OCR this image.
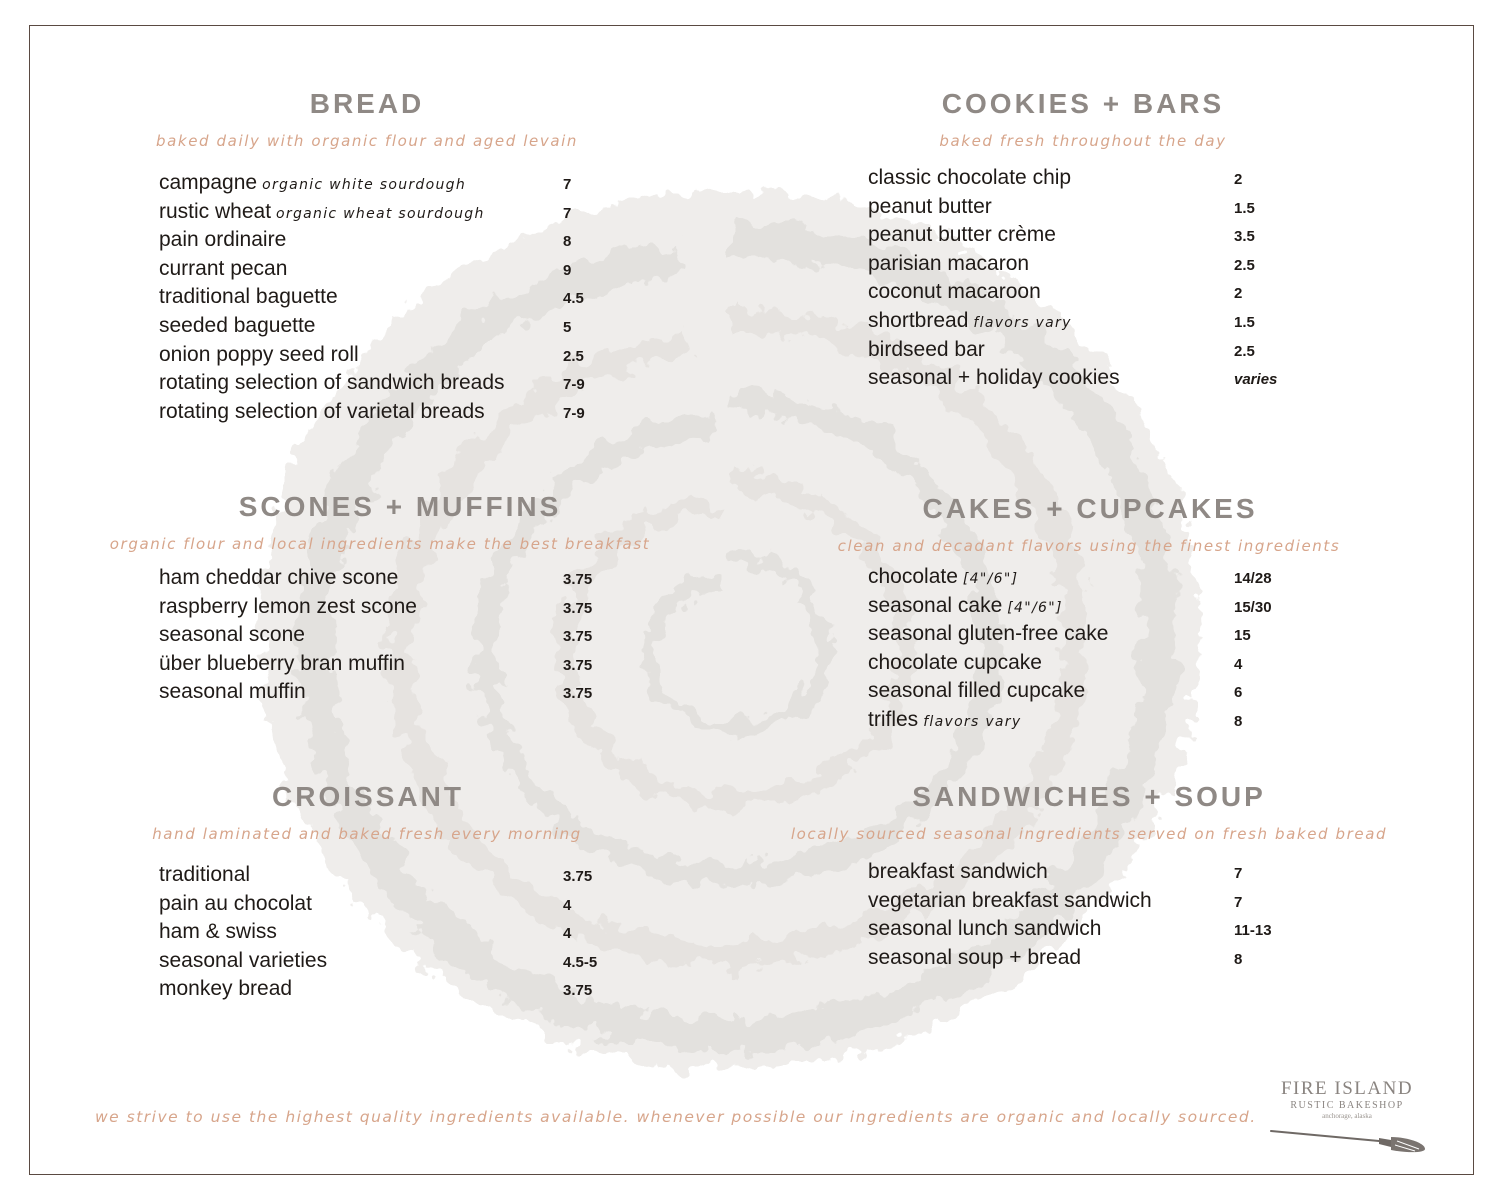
BREAD
baked daily with organic flour and aged levain
campagne organic white sourdough	7
rustic wheat organic wheat sourdough	7
pain ordinaire	8
currant pecan	9
traditional baguette	4.5
seeded baguette	5
onion poppy seed roll	2.5
rotating selection of sandwich breads	7-9
rotating selection of varietal breads	7-9
COOKIES + BARS
baked fresh throughout the day
classic chocolate chip	2
peanut butter	1.5
peanut butter crème	3.5
parisian macaron	2.5
coconut macaroon	2
shortbread flavors vary	1.5
birdseed bar	2.5
seasonal + holiday cookies	varies
SCONES + MUFFINS
organic flour and local ingredients make the best breakfast
ham cheddar chive scone	3.75
raspberry lemon zest scone	3.75
seasonal scone	3.75
über blueberry bran muffin	3.75
seasonal muffin	3.75
CAKES + CUPCAKES
clean and decadant flavors using the finest ingredients
chocolate [4"/6"]	14/28
seasonal cake [4"/6"]	15/30
seasonal gluten-free cake	15
chocolate cupcake	4
seasonal filled cupcake	6
trifles flavors vary	8
CROISSANT
hand laminated and baked fresh every morning
traditional	3.75
pain au chocolat	4
ham & swiss	4
seasonal varieties	4.5-5
monkey bread	3.75
SANDWICHES + SOUP
locally sourced seasonal ingredients served on fresh baked bread
breakfast sandwich	7
vegetarian breakfast sandwich	7
seasonal lunch sandwich	11-13
seasonal soup + bread	8
we strive to use the highest quality ingredients available. whenever possible our ingredients are organic and locally sourced.
FIRE ISLAND
RUSTIC BAKESHOP
anchorage, alaska
